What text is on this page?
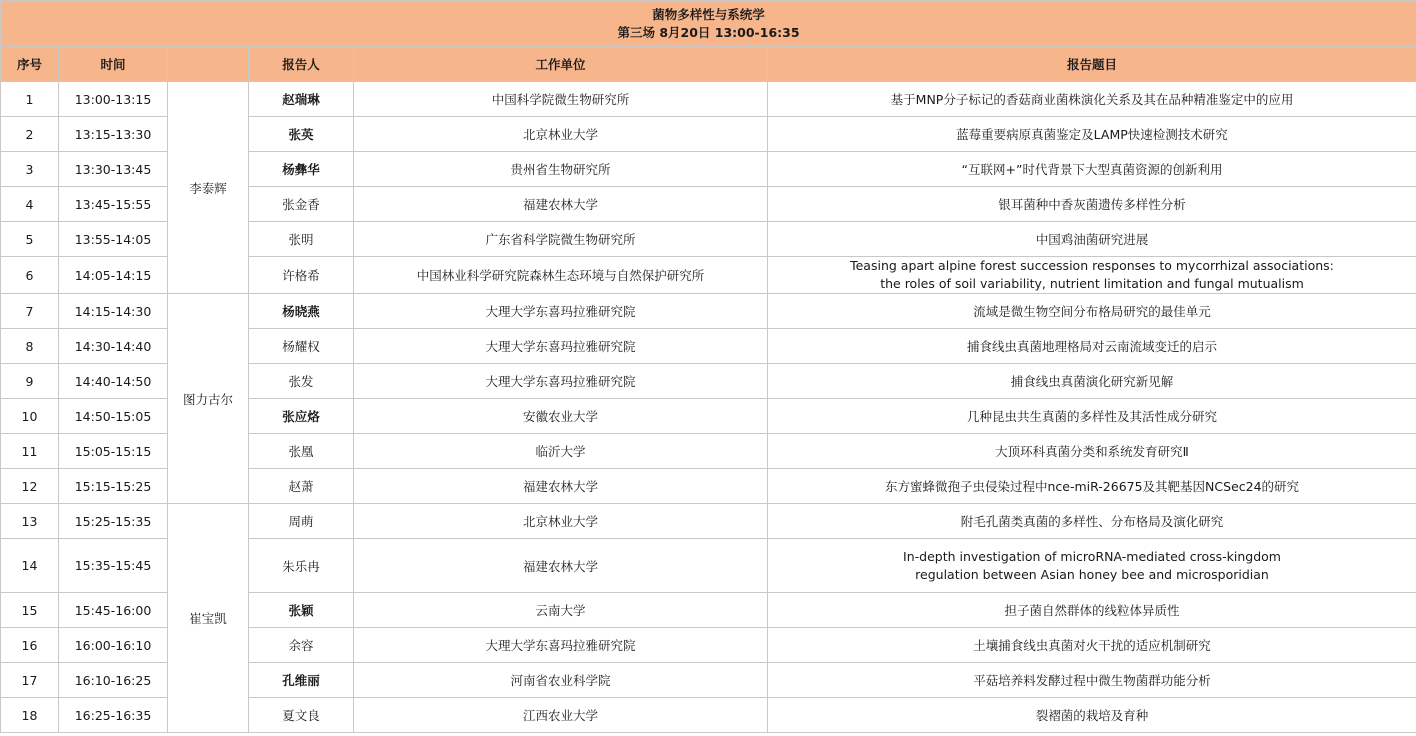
菌物多样性与系统学
第三场 8月20日 13:00-16:35					

序号	时间		报告人	工作单位	报告题目
1	13:00-13:15	李泰辉	赵瑞琳	中国科学院微生物研究所	基于MNP分子标记的香菇商业菌株演化关系及其在品种精准鉴定中的应用
2	13:15-13:30		张英	北京林业大学	蓝莓重要病原真菌鉴定及LAMP快速检测技术研究
3	13:30-13:45		杨彝华	贵州省生物研究所	“互联网+”时代背景下大型真菌资源的创新利用
4	13:45-15:55		张金香	福建农林大学	银耳菌种中香灰菌遗传多样性分析
5	13:55-14:05		张明	广东省科学院微生物研究所	中国鸡油菌研究进展
6	14:05-14:15		许格希	中国林业科学研究院森林生态环境与自然保护研究所	Teasing apart alpine forest succession responses to mycorrhizal associations:
the roles of soil variability, nutrient limitation and fungal mutualism

7	14:15-14:30	图力古尔	杨晓燕	大理大学东喜玛拉雅研究院	流域是微生物空间分布格局研究的最佳单元
8	14:30-14:40		杨耀权	大理大学东喜玛拉雅研究院	捕食线虫真菌地理格局对云南流域变迁的启示
9	14:40-14:50		张发	大理大学东喜玛拉雅研究院	捕食线虫真菌演化研究新见解
10	14:50-15:05		张应烙	安徽农业大学	几种昆虫共生真菌的多样性及其活性成分研究
11	15:05-15:15		张凰	临沂大学	大顶环科真菌分类和系统发育研究Ⅱ
12	15:15-15:25		赵萧	福建农林大学	东方蜜蜂微孢子虫侵染过程中nce-miR-26675及其靶基因NCSec24的研究
13	15:25-15:35	崔宝凯	周萌	北京林业大学	附毛孔菌类真菌的多样性、分布格局及演化研究
14	15:35-15:45		朱乐冉	福建农林大学	In-depth investigation of microRNA-mediated cross-kingdom
regulation between Asian honey bee and microsporidian

15	15:45-16:00		张颖	云南大学	担子菌自然群体的线粒体异质性
16	16:00-16:10		余容	大理大学东喜玛拉雅研究院	土壤捕食线虫真菌对火干扰的适应机制研究
17	16:10-16:25		孔维丽	河南省农业科学院	平菇培养料发酵过程中微生物菌群功能分析
18	16:25-16:35		夏文良	江西农业大学	裂褶菌的栽培及育种
